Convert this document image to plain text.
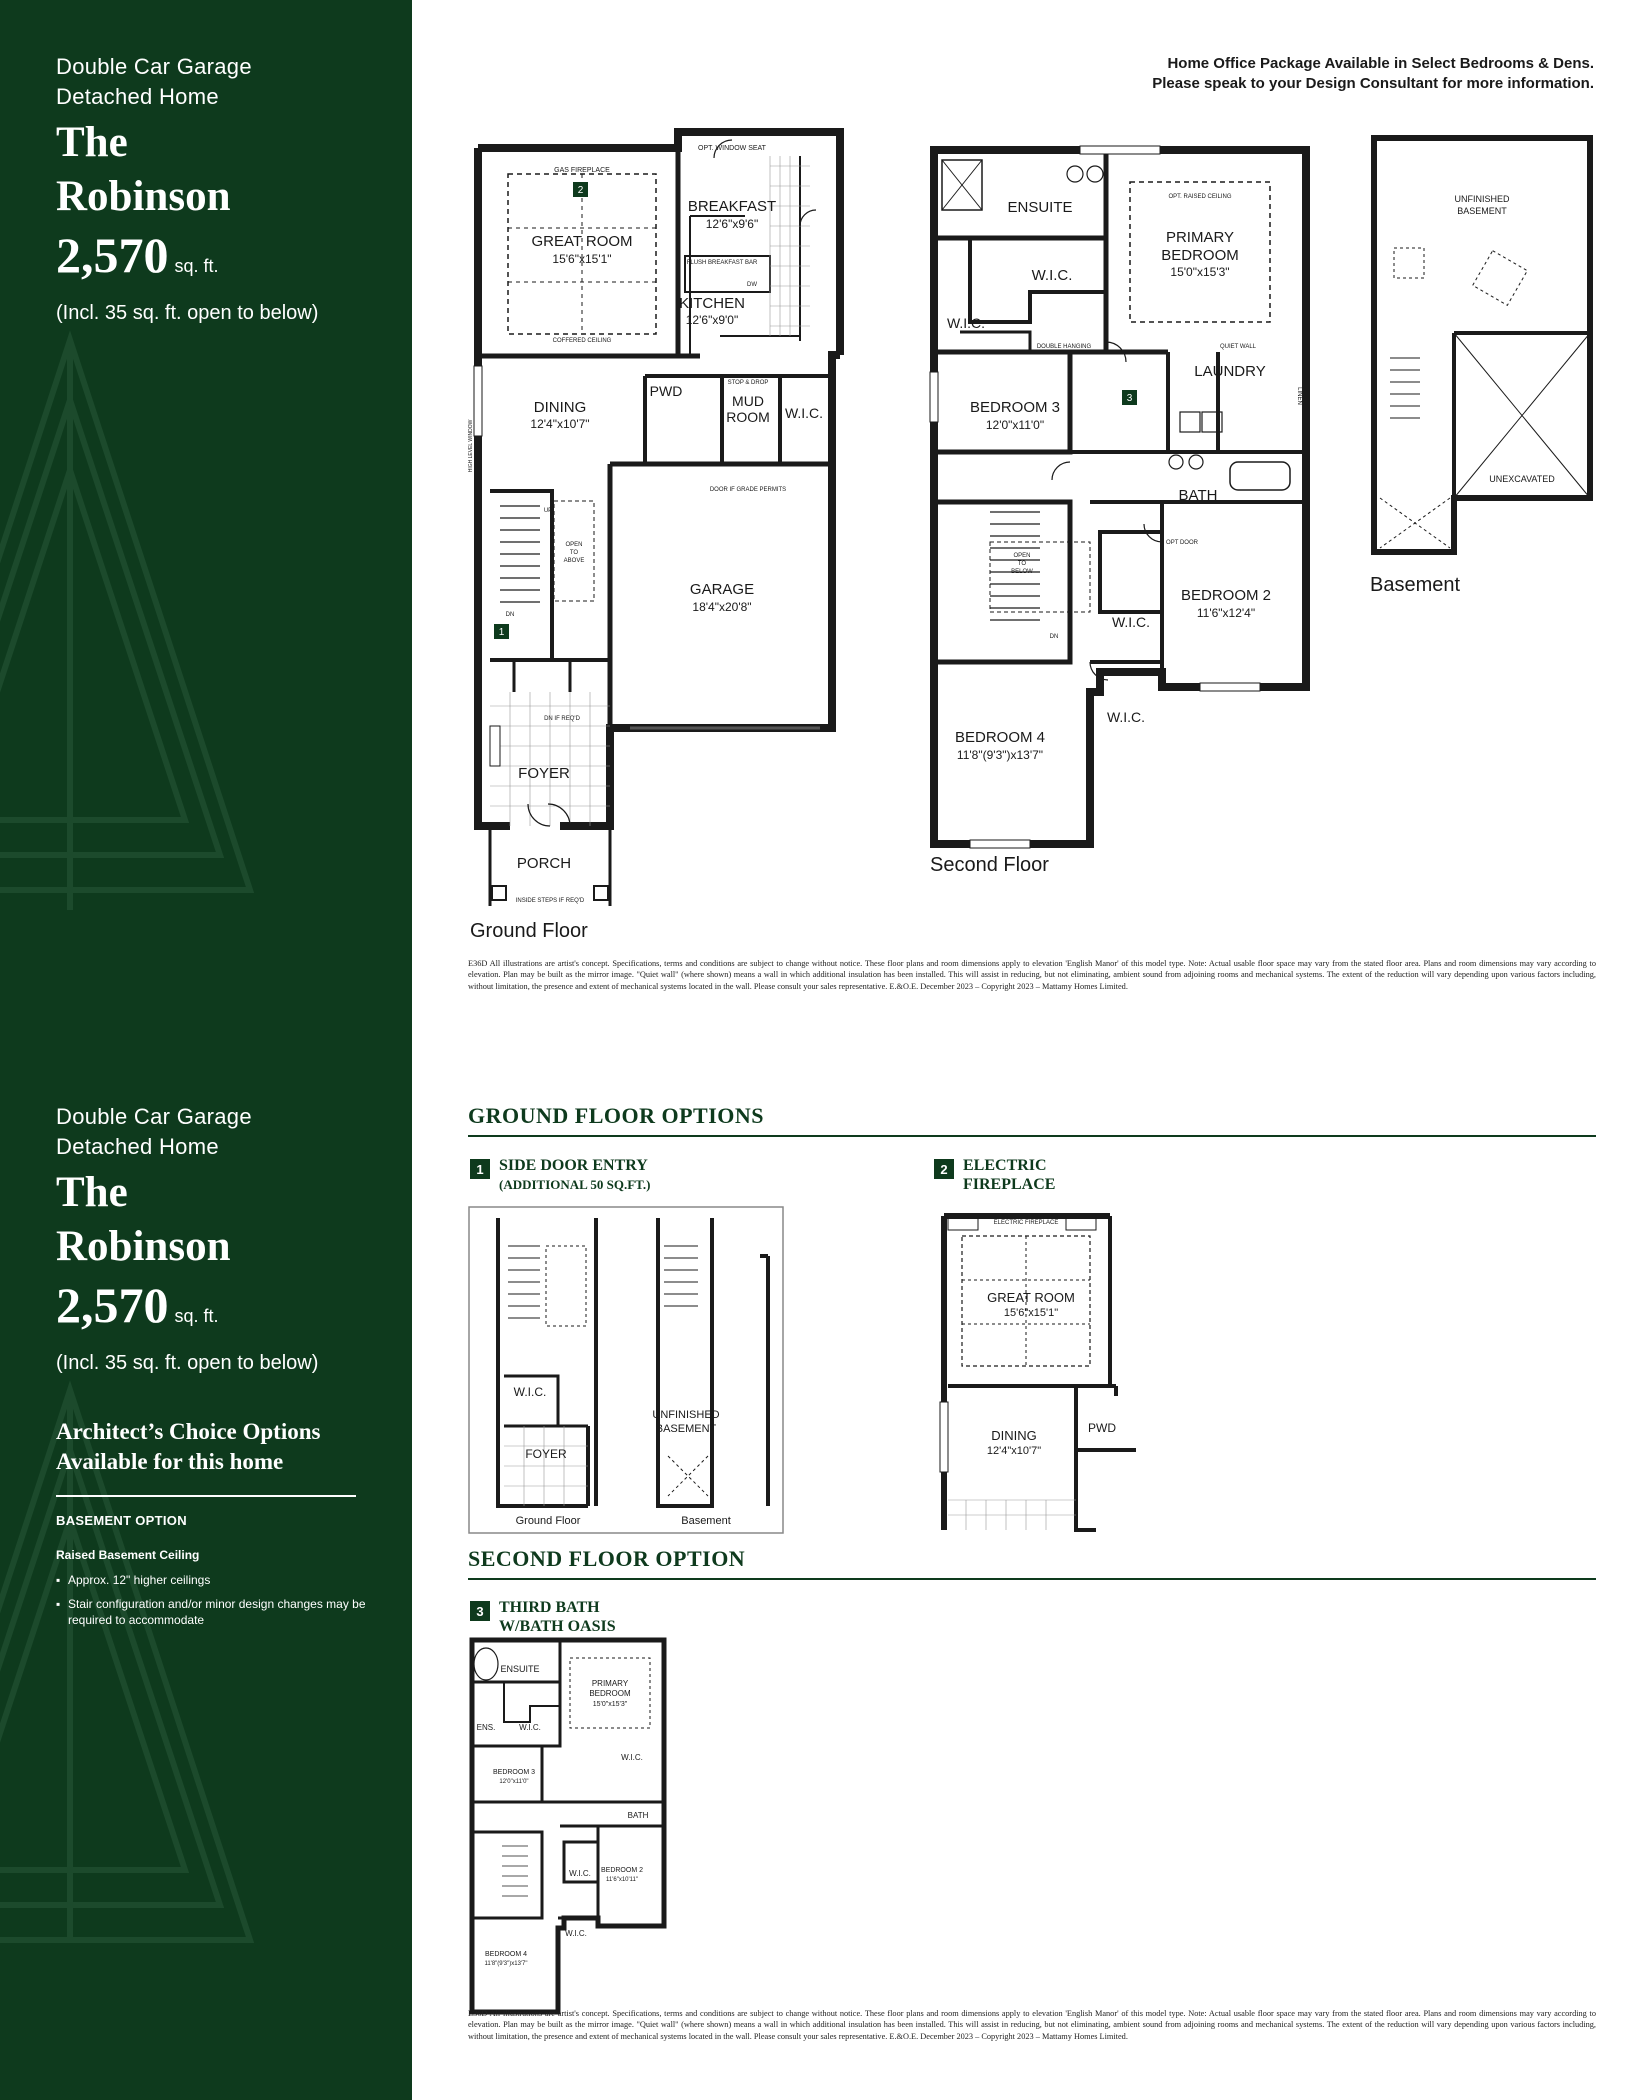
Double Car Garage
Detached Home
The
Robinson
2,570 sq. ft.
(Incl. 35 sq. ft. open to below)
Double Car Garage
Detached Home
The
Robinson
2,570 sq. ft.
(Incl. 35 sq. ft. open to below)
Architect’s Choice Options
Available for this home
BASEMENT OPTION
Raised Basement Ceiling
▪ Approx. 12" higher ceilings
▪ Stair configuration and/or minor design changes may be required to accommodate
Home Office Package Available in Select Bedrooms & Dens.
Please speak to your Design Consultant for more information.
2
1
BREAKFAST
12'6"x9'6"
GREAT ROOM
15'6"x15'1"
KITCHEN
12'6"x9'0"
DINING
12'4"x10'7"
PWD
MUD
ROOM W.I.C.
GARAGE
18'4"x20'8"
FOYER
PORCH
OPT. WINDOW SEAT
GAS FIREPLACE
FLUSH BREAKFAST BAR
DW
COFFERED CEILING
STOP & DROP
OPEN
TO
ABOVE
UP
DN
DOOR IF GRADE PERMITS
INSIDE STEPS IF REQ'D
DN IF REQ'D
HIGH LEVEL WINDOW
Ground Floor
3
ENSUITE
PRIMARY
BEDROOM
15'0"x15'3"
OPT. RAISED CEILING
W.I.C.
W.I.C.
DOUBLE HANGING	QUIET WALL
LAUNDRY
LINEN
BEDROOM 3
12'0"x11'0"
BATH
OPT DOOR
BEDROOM 2
11'6"x12'4"
W.I.C.
W.I.C.
BEDROOM 4
11'8"(9'3")x13'7"
OPEN
TO
BELOW
DN
Second Floor
UNFINISHED
BASEMENT
UNEXCAVATED
Basement
E36D All illustrations are artist's concept. Specifications, terms and conditions are subject to change without notice. These floor plans and room dimensions apply to elevation 'English Manor' of this model type. Note: Actual usable floor space may vary from the stated floor area. Plans and room dimensions may vary according to elevation. Plan may be built as the mirror image. "Quiet wall" (where shown) means a wall in which additional insulation has been installed. This will assist in reducing, but not eliminating, ambient sound from adjoining rooms and mechanical systems. The extent of the reduction will vary depending upon various factors including, without limitation, the presence and extent of mechanical systems located in the wall. Please consult your sales representative. E.&O.E. December 2023 – Copyright 2023 – Mattamy Homes Limited.
GROUND FLOOR OPTIONS
1 SIDE DOOR ENTRY
(ADDITIONAL 50 SQ.FT.)
W.I.C.
FOYER
UNFINISHED
BASEMENT
Ground Floor	Basement
2 ELECTRIC
FIREPLACE
ELECTRIC FIREPLACE
GREAT ROOM
15'6"x15'1"
DINING
12'4"x10'7"
PWD
SECOND FLOOR OPTION
3 THIRD BATH
W/BATH OASIS
ENSUITE
PRIMARY
BEDROOM
15'0"x15'3"
ENS.	W.I.C.
W.I.C.
BEDROOM 3
12'0"x11'0"
BATH
BEDROOM 2
11'6"x10'11"
W.I.C.
W.I.C.
BEDROOM 4
11'8"(9'3")x13'7"
E36D All illustrations are artist's concept. Specifications, terms and conditions are subject to change without notice. These floor plans and room dimensions apply to elevation 'English Manor' of this model type. Note: Actual usable floor space may vary from the stated floor area. Plans and room dimensions may vary according to elevation. Plan may be built as the mirror image. "Quiet wall" (where shown) means a wall in which additional insulation has been installed. This will assist in reducing, but not eliminating, ambient sound from adjoining rooms and mechanical systems. The extent of the reduction will vary depending upon various factors including, without limitation, the presence and extent of mechanical systems located in the wall. Please consult your sales representative. E.&O.E. December 2023 – Copyright 2023 – Mattamy Homes Limited.
